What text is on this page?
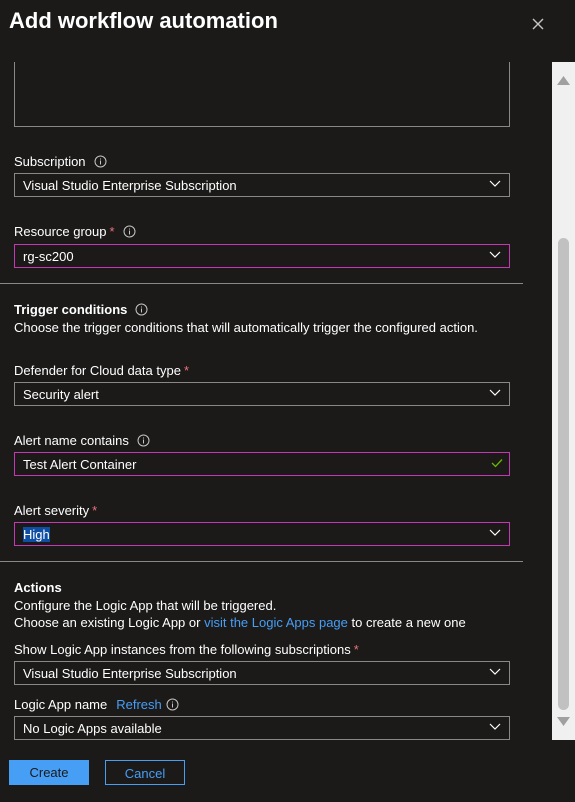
Add workflow automation
Subscription
Visual Studio Enterprise Subscription
Resource group *
rg-sc200
Trigger conditions
Choose the trigger conditions that will automatically trigger the configured action.
Defender for Cloud data type *
Security alert
Alert name contains
Test Alert Container
Alert severity *
High
Actions
Configure the Logic App that will be triggered.
Choose an existing Logic App or visit the Logic Apps page to create a new one
Show Logic App instances from the following subscriptions *
Visual Studio Enterprise Subscription
Logic App name Refresh
No Logic Apps available
Create	Cancel
